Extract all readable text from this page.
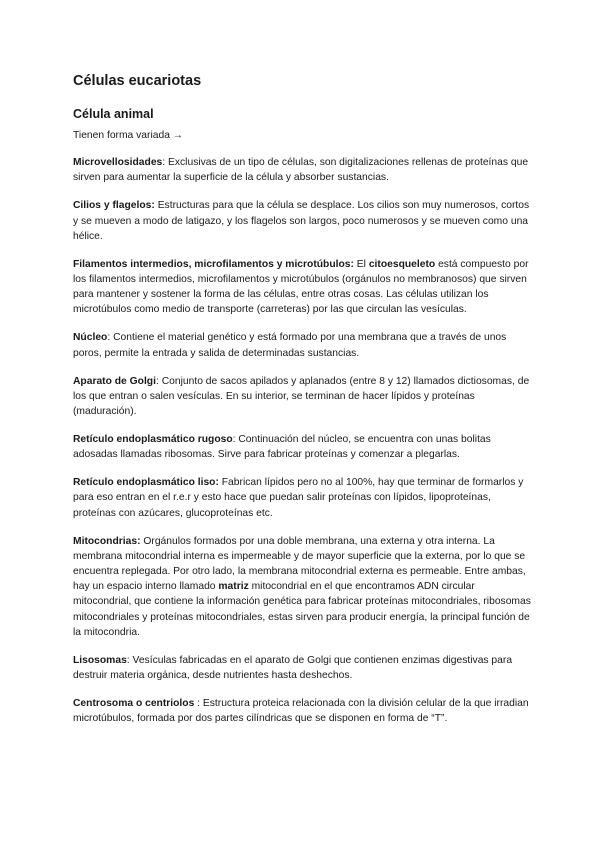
Células eucariotas
Célula animal

Tienen forma variada →

Microvellosidades: Exclusivas de un tipo de células, son digitalizaciones rellenas de proteínas que sirven para aumentar la superficie de la célula y absorber sustancias.

Cilios y flagelos: Estructuras para que la célula se desplace. Los cilios son muy numerosos, cortos y se mueven a modo de latigazo, y los flagelos son largos, poco numerosos y se mueven como una hélice.

Filamentos intermedios, microfilamentos y microtúbulos: El citoesqueleto está compuesto por los filamentos intermedios, microfilamentos y microtúbulos (orgánulos no membranosos) que sirven para mantener y sostener la forma de las células, entre otras cosas. Las células utilizan los microtúbulos como medio de transporte (carreteras) por las que circulan las vesículas.

Núcleo: Contiene el material genético y está formado por una membrana que a través de unos poros, permite la entrada y salida de determinadas sustancias.

Aparato de Golgi: Conjunto de sacos apilados y aplanados (entre 8 y 12) llamados dictiosomas, de los que entran o salen vesículas. En su interior, se terminan de hacer lípidos y proteínas (maduración).

Retículo endoplasmático rugoso: Continuación del núcleo, se encuentra con unas bolitas adosadas llamadas ribosomas. Sirve para fabricar proteínas y comenzar a plegarlas.

Retículo endoplasmático liso: Fabrican lípidos pero no al 100%, hay que terminar de formarlos y para eso entran en el r.e.r y esto hace que puedan salir proteínas con lípidos, lipoproteínas, proteínas con azúcares, glucoproteínas etc.

Mitocondrias: Orgánulos formados por una doble membrana, una externa y otra interna. La membrana mitocondrial interna es impermeable y de mayor superficie que la externa, por lo que se encuentra replegada. Por otro lado, la membrana mitocondrial externa es permeable. Entre ambas, hay un espacio interno llamado matriz mitocondrial en el que encontramos ADN circular mitocondrial, que contiene la información genética para fabricar proteínas mitocondriales, ribosomas mitocondriales y proteínas mitocondriales, estas sirven para producir energía, la principal función de la mitocondria.

Lisosomas: Vesículas fabricadas en el aparato de Golgi que contienen enzimas digestivas para destruir materia orgánica, desde nutrientes hasta deshechos.

Centrosoma o centriolos : Estructura proteica relacionada con la división celular de la que irradian microtúbulos, formada por dos partes cilíndricas que se disponen en forma de “T”.
